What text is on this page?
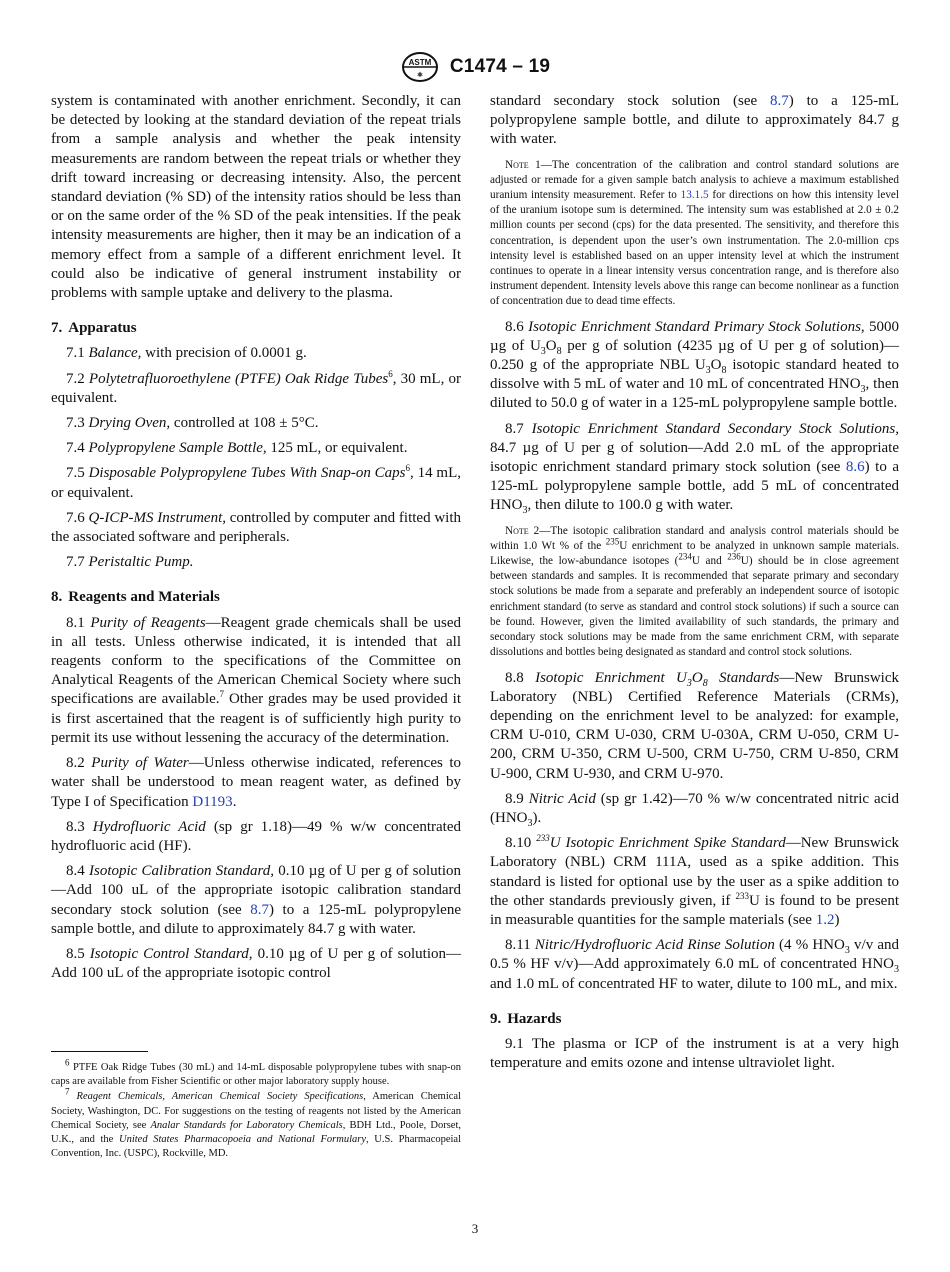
ASTM
⚛ C1474 – 19

system is contaminated with another enrichment. Secondly, it can be detected by looking at the standard deviation of the repeat trials from a sample analysis and whether the peak intensity measurements are random between the repeat trials or whether they drift toward increasing or decreasing intensity. Also, the percent standard deviation (% SD) of the intensity ratios should be less than or on the same order of the % SD of the peak intensities. If the peak intensity measurements are higher, then it may be an indication of a memory effect from a sample of a different enrichment level. It could also be indicative of general instrument instability or problems with sample uptake and delivery to the plasma.

7. Apparatus

7.1 Balance, with precision of 0.0001 g.

7.2 Polytetrafluoroethylene (PTFE) Oak Ridge Tubes$^6$, 30 mL, or equivalent.

7.3 Drying Oven, controlled at 108 ± 5°C.

7.4 Polypropylene Sample Bottle, 125 mL, or equivalent.

7.5 Disposable Polypropylene Tubes With Snap-on Caps$^6$, 14 mL, or equivalent.

7.6 Q-ICP-MS Instrument, controlled by computer and fitted with the associated software and peripherals.

7.7 Peristaltic Pump.

8. Reagents and Materials

8.1 Purity of Reagents—Reagent grade chemicals shall be used in all tests. Unless otherwise indicated, it is intended that all reagents conform to the specifications of the Committee on Analytical Reagents of the American Chemical Society where such specifications are available.$^7$ Other grades may be used provided it is first ascertained that the reagent is of sufficiently high purity to permit its use without lessening the accuracy of the determination.

8.2 Purity of Water—Unless otherwise indicated, references to water shall be understood to mean reagent water, as defined by Type I of Specification D1193.

8.3 Hydrofluoric Acid (sp gr 1.18)—49 % w/w concentrated hydrofluoric acid (HF).

8.4 Isotopic Calibration Standard, 0.10 µg of U per g of solution—Add 100 uL of the appropriate isotopic calibration standard secondary stock solution (see 8.7) to a 125-mL polypropylene sample bottle, and dilute to approximately 84.7 g with water.

8.5 Isotopic Control Standard, 0.10 µg of U per g of solution—Add 100 uL of the appropriate isotopic control

$^6$ PTFE Oak Ridge Tubes (30 mL) and 14-mL disposable polypropylene tubes with snap-on caps are available from Fisher Scientific or other major laboratory supply house.

$^7$ Reagent Chemicals, American Chemical Society Specifications, American Chemical Society, Washington, DC. For suggestions on the testing of reagents not listed by the American Chemical Society, see Analar Standards for Laboratory Chemicals, BDH Ltd., Poole, Dorset, U.K., and the United States Pharmacopoeia and National Formulary, U.S. Pharmacopeial Convention, Inc. (USPC), Rockville, MD.

standard secondary stock solution (see 8.7) to a 125-mL polypropylene sample bottle, and dilute to approximately 84.7 g with water.

Note 1—The concentration of the calibration and control standard solutions are adjusted or remade for a given sample batch analysis to achieve a maximum established uranium intensity measurement. Refer to 13.1.5 for directions on how this intensity level of the uranium isotope sum is determined. The intensity sum was established at 2.0 ± 0.2 million counts per second (cps) for the data presented. The sensitivity, and therefore this concentration, is dependent upon the user’s own instrumentation. The 2.0-million cps intensity level is established based on an upper intensity level at which the instrument continues to operate in a linear intensity versus concentration range, and is therefore also instrument dependent. Intensity levels above this range can become nonlinear as a function of concentration due to dead time effects.

8.6 Isotopic Enrichment Standard Primary Stock Solutions, 5000 µg of $U_3O_8$ per g of solution (4235 µg of U per g of solution)—0.250 g of the appropriate NBL $U_3O_8$ isotopic standard heated to dissolve with 5 mL of water and 10 mL of concentrated $HNO_3$, then diluted to 50.0 g of water in a 125-mL polypropylene sample bottle.

8.7 Isotopic Enrichment Standard Secondary Stock Solutions, 84.7 µg of U per g of solution—Add 2.0 mL of the appropriate isotopic enrichment standard primary stock solution (see 8.6) to a 125-mL polypropylene sample bottle, add 5 mL of concentrated $HNO_3$, then dilute to 100.0 g with water.

Note 2—The isotopic calibration standard and analysis control materials should be within 1.0 Wt % of the $^{235}$U enrichment to be analyzed in unknown sample materials. Likewise, the low-abundance isotopes ($^{234}$U and $^{236}$U) should be in close agreement between standards and samples. It is recommended that separate primary and secondary stock solutions be made from a separate and preferably an independent source of isotopic enrichment standard (to serve as standard and control stock solutions) if such a source can be found. However, given the limited availability of such standards, the primary and secondary stock solutions may be made from the same enrichment CRM, with separate dissolutions and bottles being designated as standard and control stock solutions.

8.8 Isotopic Enrichment $U_3O_8$ Standards—New Brunswick Laboratory (NBL) Certified Reference Materials (CRMs), depending on the enrichment level to be analyzed: for example, CRM U-010, CRM U-030, CRM U-030A, CRM U-050, CRM U-200, CRM U-350, CRM U-500, CRM U-750, CRM U-850, CRM U-900, CRM U-930, and CRM U-970.

8.9 Nitric Acid (sp gr 1.42)—70 % w/w concentrated nitric acid $(HNO_3)$.

8.10 $^{233}$U Isotopic Enrichment Spike Standard—New Brunswick Laboratory (NBL) CRM 111A, used as a spike addition. This standard is listed for optional use by the user as a spike addition to the other standards previously given, if $^{233}$U is found to be present in measurable quantities for the sample materials (see 1.2)

8.11 Nitric/Hydrofluoric Acid Rinse Solution (4 % $HNO_3$ v/v and 0.5 % HF v/v)—Add approximately 6.0 mL of concentrated $HNO_3$ and 1.0 mL of concentrated HF to water, dilute to 100 mL, and mix.

9. Hazards

9.1 The plasma or ICP of the instrument is at a very high temperature and emits ozone and intense ultraviolet light.

3
